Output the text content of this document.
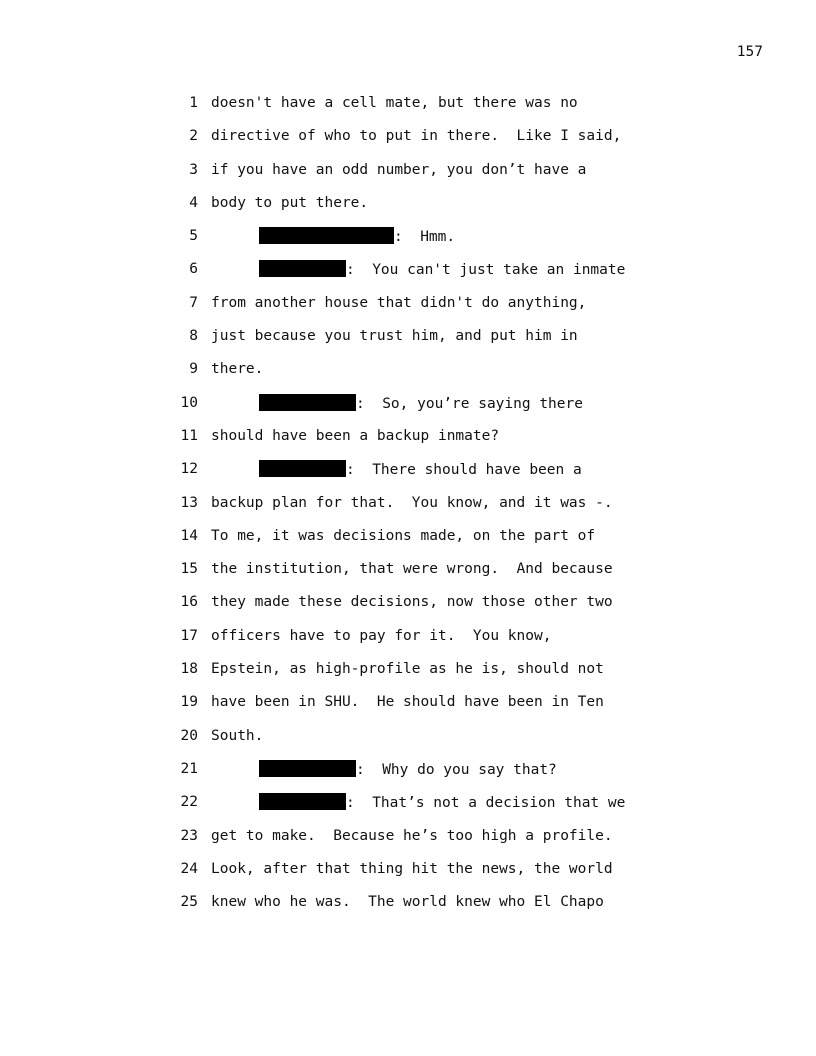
157

1

doesn't have a cell mate, but there was no

2

directive of who to put in there.  Like I said,

3

if you have an odd number, you don’t have a

4

body to put there.

5

	:  Hmm.

6

	:  You can't just take an inmate

7

from another house that didn't do anything,

8

just because you trust him, and put him in

9

there.

10

	:  So, you’re saying there

11

should have been a backup inmate?

12

	:  There should have been a

13

backup plan for that.  You know, and it was -.

14

To me, it was decisions made, on the part of

15

the institution, that were wrong.  And because

16

they made these decisions, now those other two

17

officers have to pay for it.  You know,

18

Epstein, as high-profile as he is, should not

19

have been in SHU.  He should have been in Ten

20

South.

21

	:  Why do you say that?

22

	:  That’s not a decision that we

23

get to make.  Because he’s too high a profile.

24

Look, after that thing hit the news, the world

25

knew who he was.  The world knew who El Chapo
